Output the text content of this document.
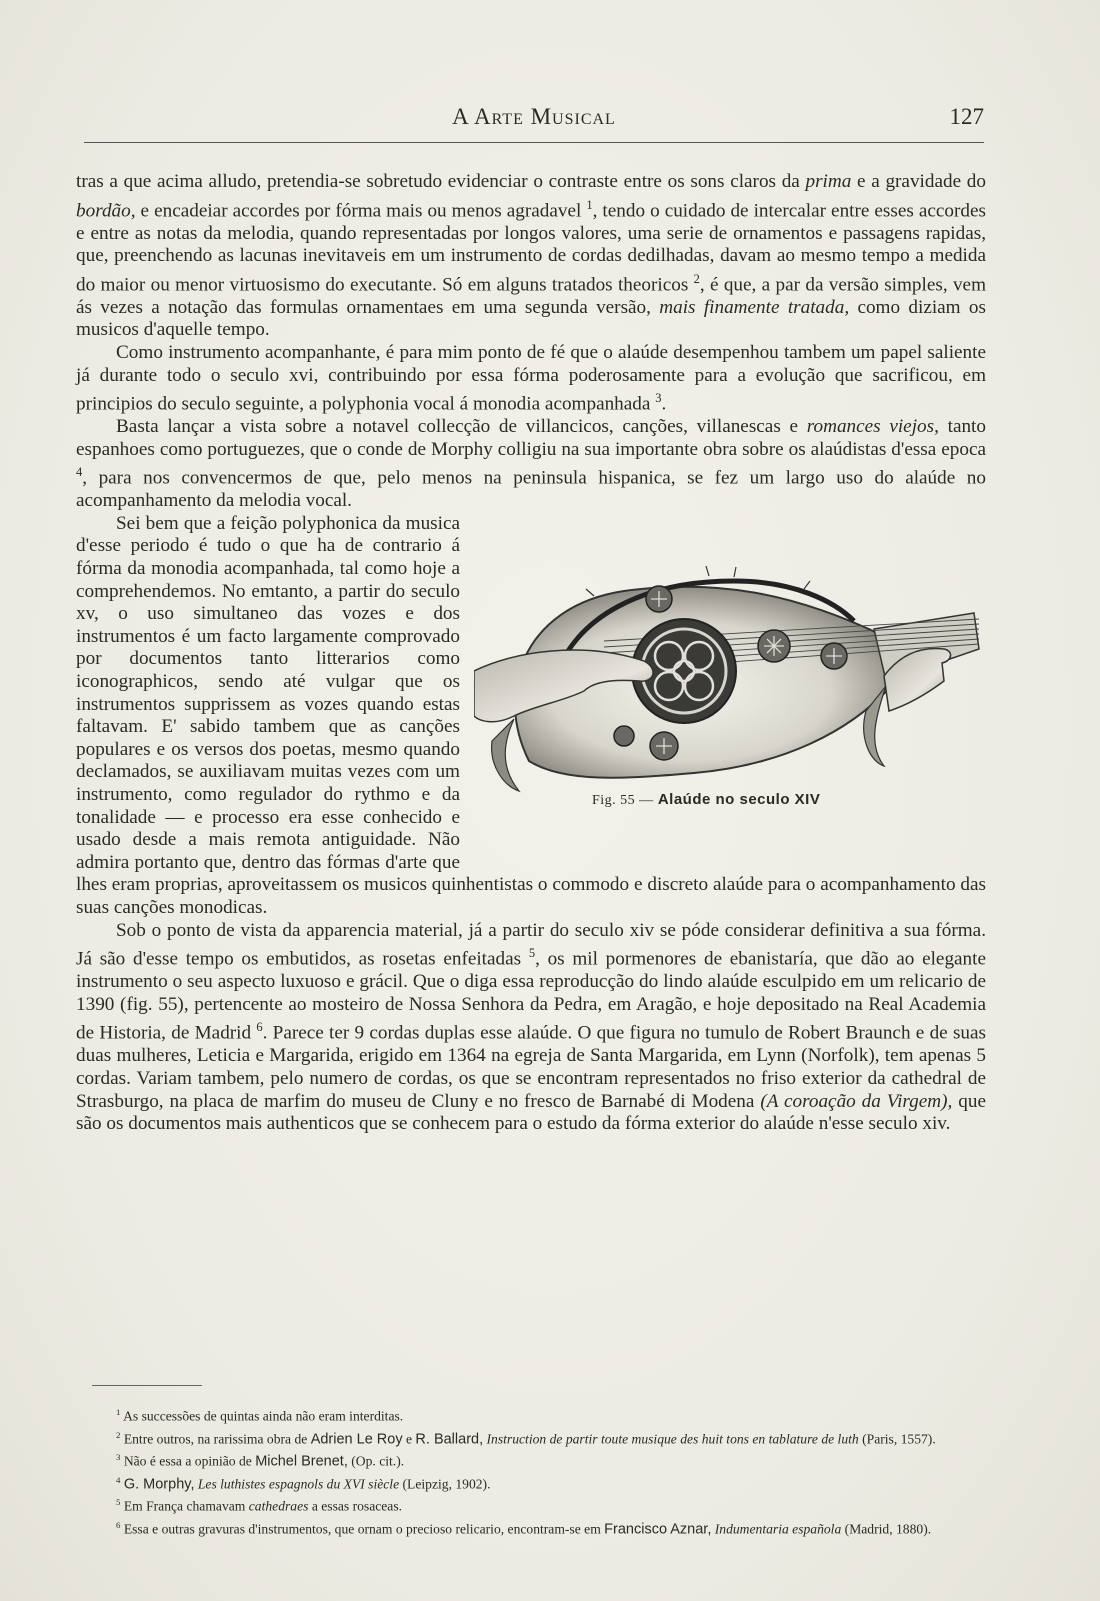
A Arte Musical	127

tras a que acima alludo, pretendia-se sobretudo evidenciar o contraste entre os sons claros da prima e a gravidade do bordão, e encadeiar accordes por fórma mais ou menos agradavel $^1$, tendo o cuidado de intercalar entre esses accordes e entre as notas da melodia, quando representadas por longos valores, uma serie de ornamentos e passagens rapidas, que, preenchendo as lacunas inevitaveis em um instrumento de cordas dedilhadas, davam ao mesmo tempo a medida do maior ou menor virtuosismo do executante. Só em alguns tratados theoricos $^2$, é que, a par da versão simples, vem ás vezes a notação das formulas ornamentaes em uma segunda versão, mais finamente tratada, como diziam os musicos d'aquelle tempo.

Como instrumento acompanhante, é para mim ponto de fé que o alaúde desempenhou tambem um papel saliente já durante todo o seculo xvi, contribuindo por essa fórma poderosamente para a evolução que sacrificou, em principios do seculo seguinte, a polyphonia vocal á monodia acompanhada $^3$.

Basta lançar a vista sobre a notavel collecção de villancicos, canções, villanescas e romances viejos, tanto espanhoes como portuguezes, que o conde de Morphy colligiu na sua importante obra sobre os alaúdistas d'essa epoca $^4$, para nos convencermos de que, pelo menos na peninsula hispanica, se fez um largo uso do alaúde no acompanhamento da melodia vocal.

Fig. 55 — Alaúde no seculo XIV

Sei bem que a feição polyphonica da musica d'esse periodo é tudo o que ha de contrario á fórma da monodia acompanhada, tal como hoje a comprehendemos. No emtanto, a partir do seculo xv, o uso simultaneo das vozes e dos instrumentos é um facto largamente comprovado por documentos tanto litterarios como iconographicos, sendo até vulgar que os instrumentos supprissem as vozes quando estas faltavam. E' sabido tambem que as canções populares e os versos dos poetas, mesmo quando declamados, se auxiliavam muitas vezes com um instrumento, como regulador do rythmo e da tonalidade — e processo era esse conhecido e usado desde a mais remota antiguidade. Não admira portanto que, dentro das fórmas d'arte que lhes eram proprias, aproveitassem os musicos quinhentistas o commodo e discreto alaúde para o acompanhamento das suas canções monodicas.

Sob o ponto de vista da apparencia material, já a partir do seculo xiv se póde considerar definitiva a sua fórma. Já são d'esse tempo os embutidos, as rosetas enfeitadas $^5$, os mil pormenores de ebanistaría, que dão ao elegante instrumento o seu aspecto luxuoso e grácil. Que o diga essa reproducção do lindo alaúde esculpido em um relicario de 1390 (fig. 55), pertencente ao mosteiro de Nossa Senhora da Pedra, em Aragão, e hoje depositado na Real Academia de Historia, de Madrid $^6$. Parece ter 9 cordas duplas esse alaúde. O que figura no tumulo de Robert Braunch e de suas duas mulheres, Leticia e Margarida, erigido em 1364 na egreja de Santa Margarida, em Lynn (Norfolk), tem apenas 5 cordas. Variam tambem, pelo numero de cordas, os que se encontram representados no friso exterior da cathedral de Strasburgo, na placa de marfim do museu de Cluny e no fresco de Barnabé di Modena (A coroação da Virgem), que são os documentos mais authenticos que se conhecem para o estudo da fórma exterior do alaúde n'esse seculo xiv.

$^1$ As successões de quintas ainda não eram interditas.

$^2$ Entre outros, na rarissima obra de Adrien Le Roy e R. Ballard, Instruction de partir toute musique des huit tons en tablature de luth (Paris, 1557).

$^3$ Não é essa a opinião de Michel Brenet, (Op. cit.).

$^4$ G. Morphy, Les luthistes espagnols du XVI siècle (Leipzig, 1902).

$^5$ Em França chamavam cathedraes a essas rosaceas.

$^6$ Essa e outras gravuras d'instrumentos, que ornam o precioso relicario, encontram-se em Francisco Aznar, Indumentaria española (Madrid, 1880).
